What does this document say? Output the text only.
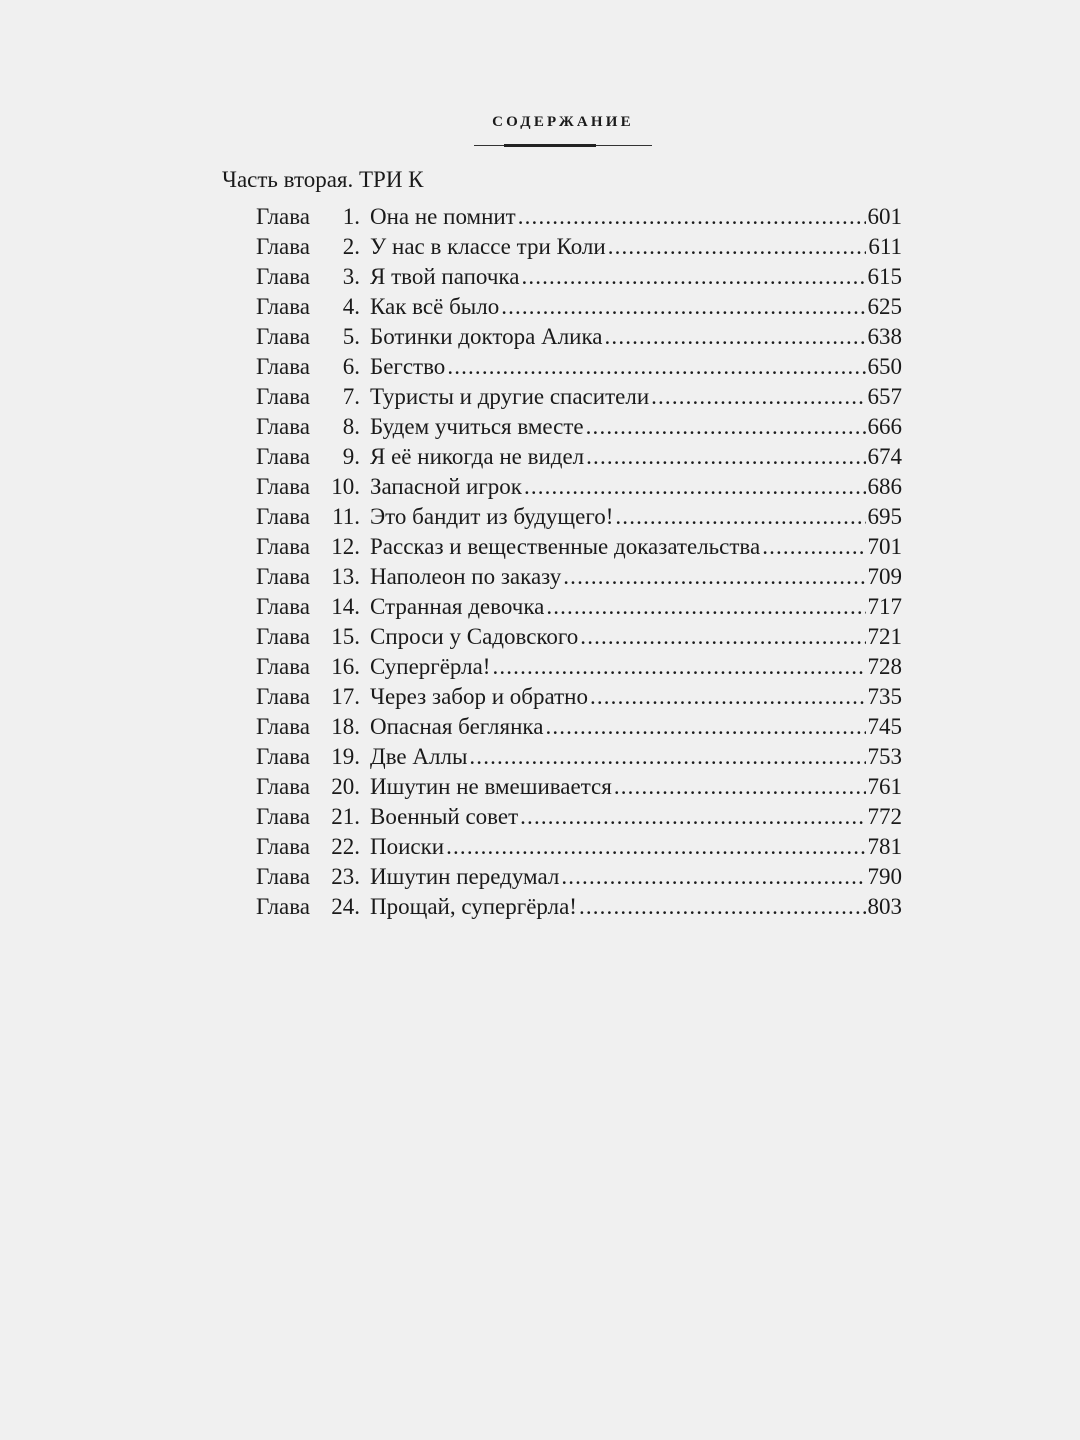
СОДЕРЖАНИЕ
Часть вторая. ТРИ К
Глава	1. Она не помнит . . .	601
Глава	2. У нас в классе три Коли . . .	611
Глава	3. Я твой папочка . . .	615
Глава	4. Как всё было . . .	625
Глава	5. Ботинки доктора Алика . . .	638
Глава	6. Бегство . . .	650
Глава	7. Туристы и другие спасители . . .	657
Глава	8. Будем учиться вместе . . .	666
Глава	9. Я её никогда не видел . . .	674
Глава 10. Запасной игрок . . .	686
Глава 11. Это бандит из будущего! . . .	695
Глава 12. Рассказ и вещественные доказательства . . .	701
Глава 13. Наполеон по заказу . . .	709
Глава 14. Странная девочка . . .	717
Глава 15. Спроси у Садовского . . .	721
Глава 16. Супергёрла! . . .	728
Глава 17. Через забор и обратно . . .	735
Глава 18. Опасная беглянка . . .	745
Глава 19. Две Аллы . . .	753
Глава 20. Ишутин не вмешивается . . .	761
Глава 21. Военный совет . . .	772
Глава 22. Поиски . . .	781
Глава 23. Ишутин передумал . . .	790
Глава 24. Прощай, супергёрла! . . .	803
